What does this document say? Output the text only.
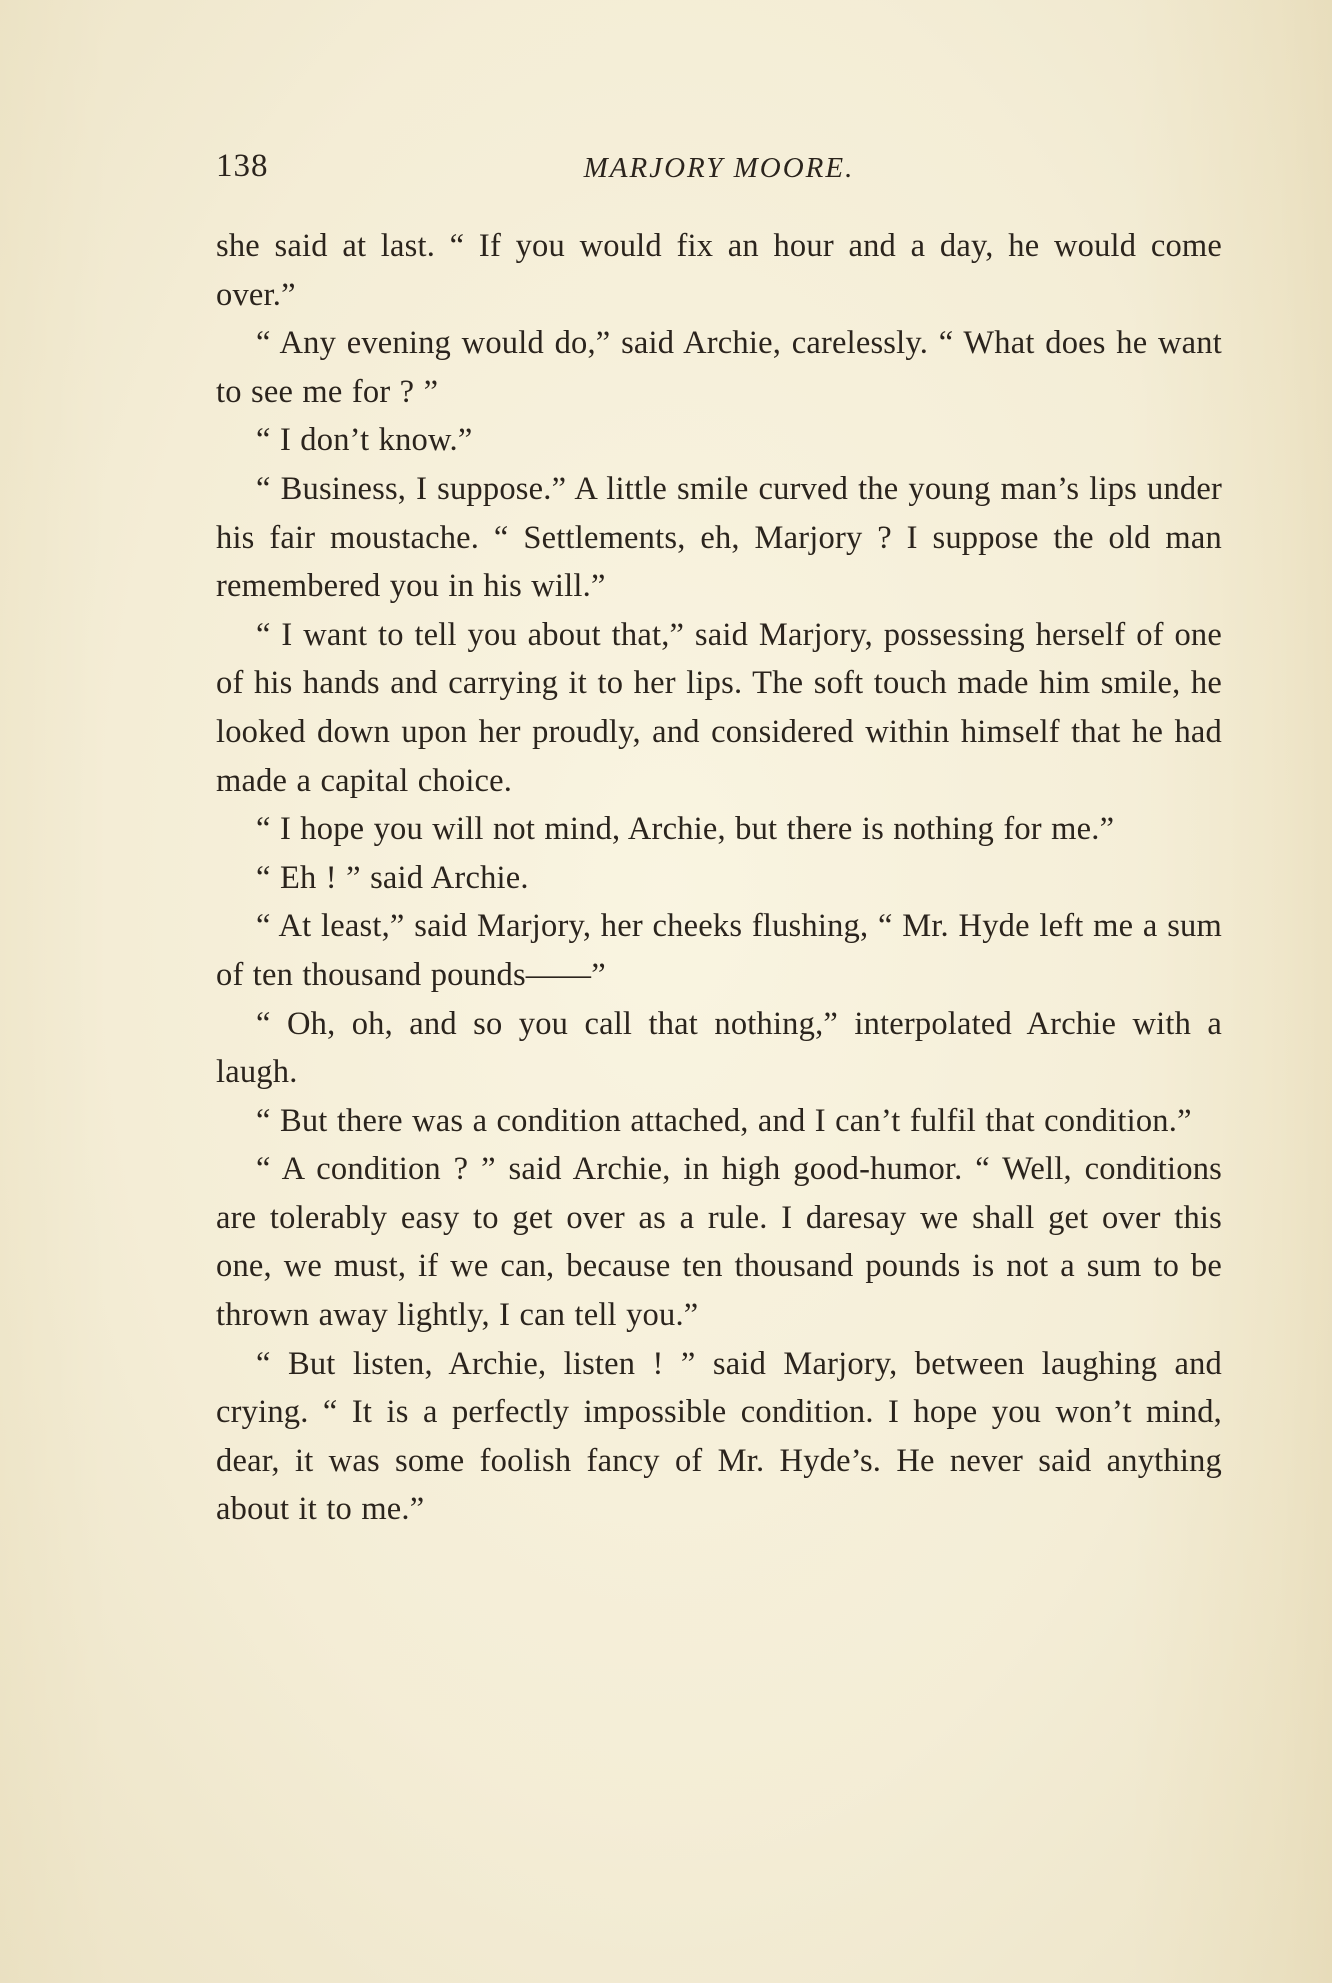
138	MARJORY MOORE.

she said at last. “ If you would fix an hour and a day, he would come over.”

“ Any evening would do,” said Archie, carelessly. “ What does he want to see me for ? ”

“ I don’t know.”

“ Business, I suppose.” A little smile curved the young man’s lips under his fair moustache. “ Settlements, eh, Marjory ? I suppose the old man remembered you in his will.”

“ I want to tell you about that,” said Marjory, possessing herself of one of his hands and carrying it to her lips. The soft touch made him smile, he looked down upon her proudly, and considered within himself that he had made a capital choice.

“ I hope you will not mind, Archie, but there is nothing for me.”

“ Eh ! ” said Archie.

“ At least,” said Marjory, her cheeks flushing, “ Mr. Hyde left me a sum of ten thousand pounds——”

“ Oh, oh, and so you call that nothing,” interpolated Archie with a laugh.

“ But there was a condition attached, and I can’t fulfil that condition.”

“ A condition ? ” said Archie, in high good-humor. “ Well, conditions are tolerably easy to get over as a rule. I daresay we shall get over this one, we must, if we can, because ten thousand pounds is not a sum to be thrown away lightly, I can tell you.”

“ But listen, Archie, listen ! ” said Marjory, between laughing and crying. “ It is a perfectly impossible condition. I hope you won’t mind, dear, it was some foolish fancy of Mr. Hyde’s. He never said anything about it to me.”
